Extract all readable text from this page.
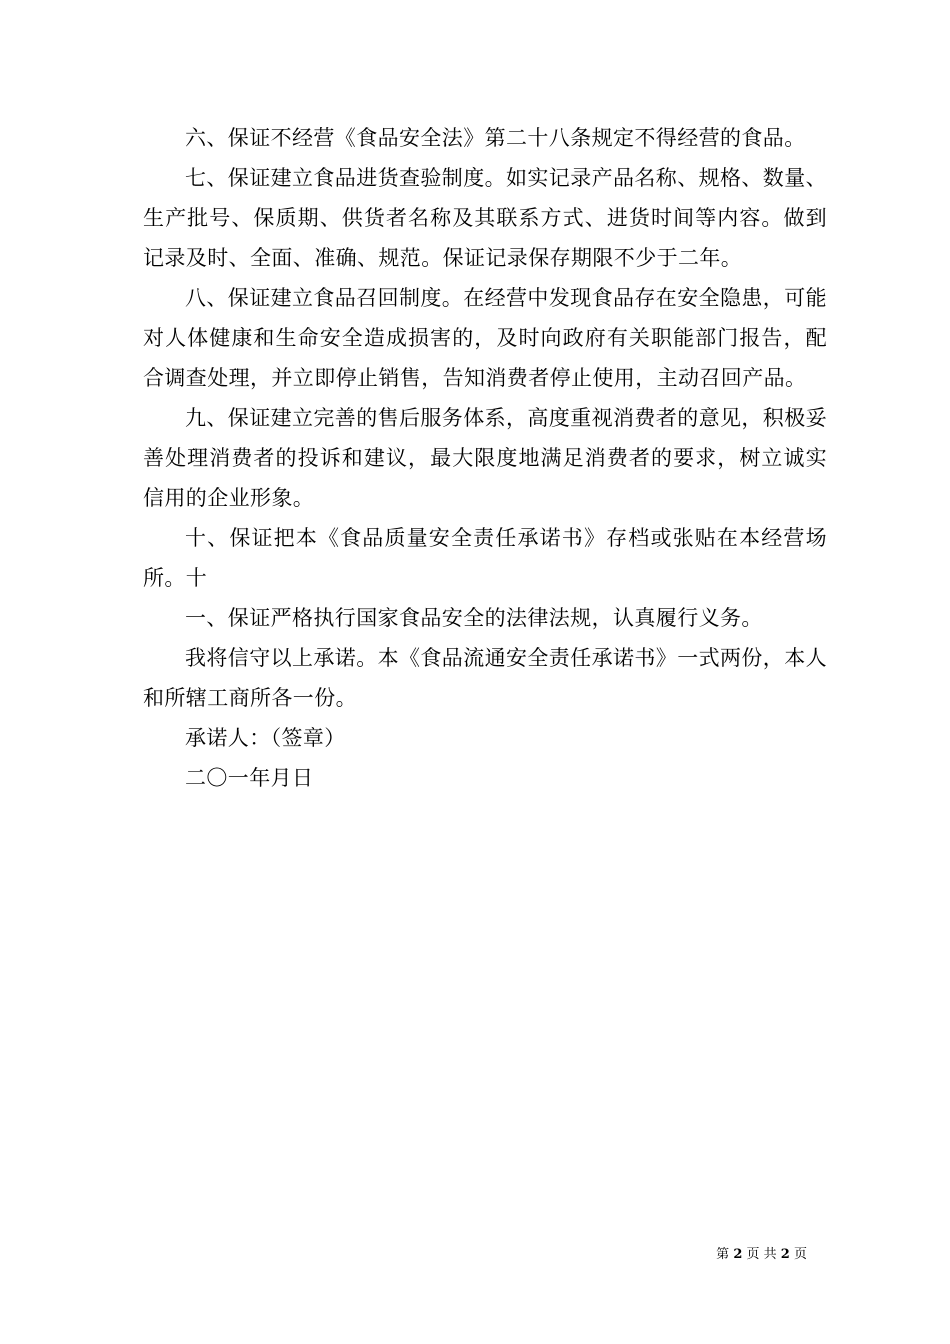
六、保证不经营《食品安全法》第二十八条规定不得经营的食品。

七、保证建立食品进货查验制度。如实记录产品名称、规格、数量、生产批号、保质期、供货者名称及其联系方式、进货时间等内容。做到记录及时、全面、准确、规范。保证记录保存期限不少于二年。

八、保证建立食品召回制度。在经营中发现食品存在安全隐患，可能对人体健康和生命安全造成损害的，及时向政府有关职能部门报告，配合调查处理，并立即停止销售，告知消费者停止使用，主动召回产品。

九、保证建立完善的售后服务体系，高度重视消费者的意见，积极妥善处理消费者的投诉和建议，最大限度地满足消费者的要求，树立诚实信用的企业形象。

十、保证把本《食品质量安全责任承诺书》存档或张贴在本经营场所。十

一、保证严格执行国家食品安全的法律法规，认真履行义务。

我将信守以上承诺。本《食品流通安全责任承诺书》一式两份，本人和所辖工商所各一份。

承诺人：（签章）

二〇一年月日

第 2 页 共 2 页
